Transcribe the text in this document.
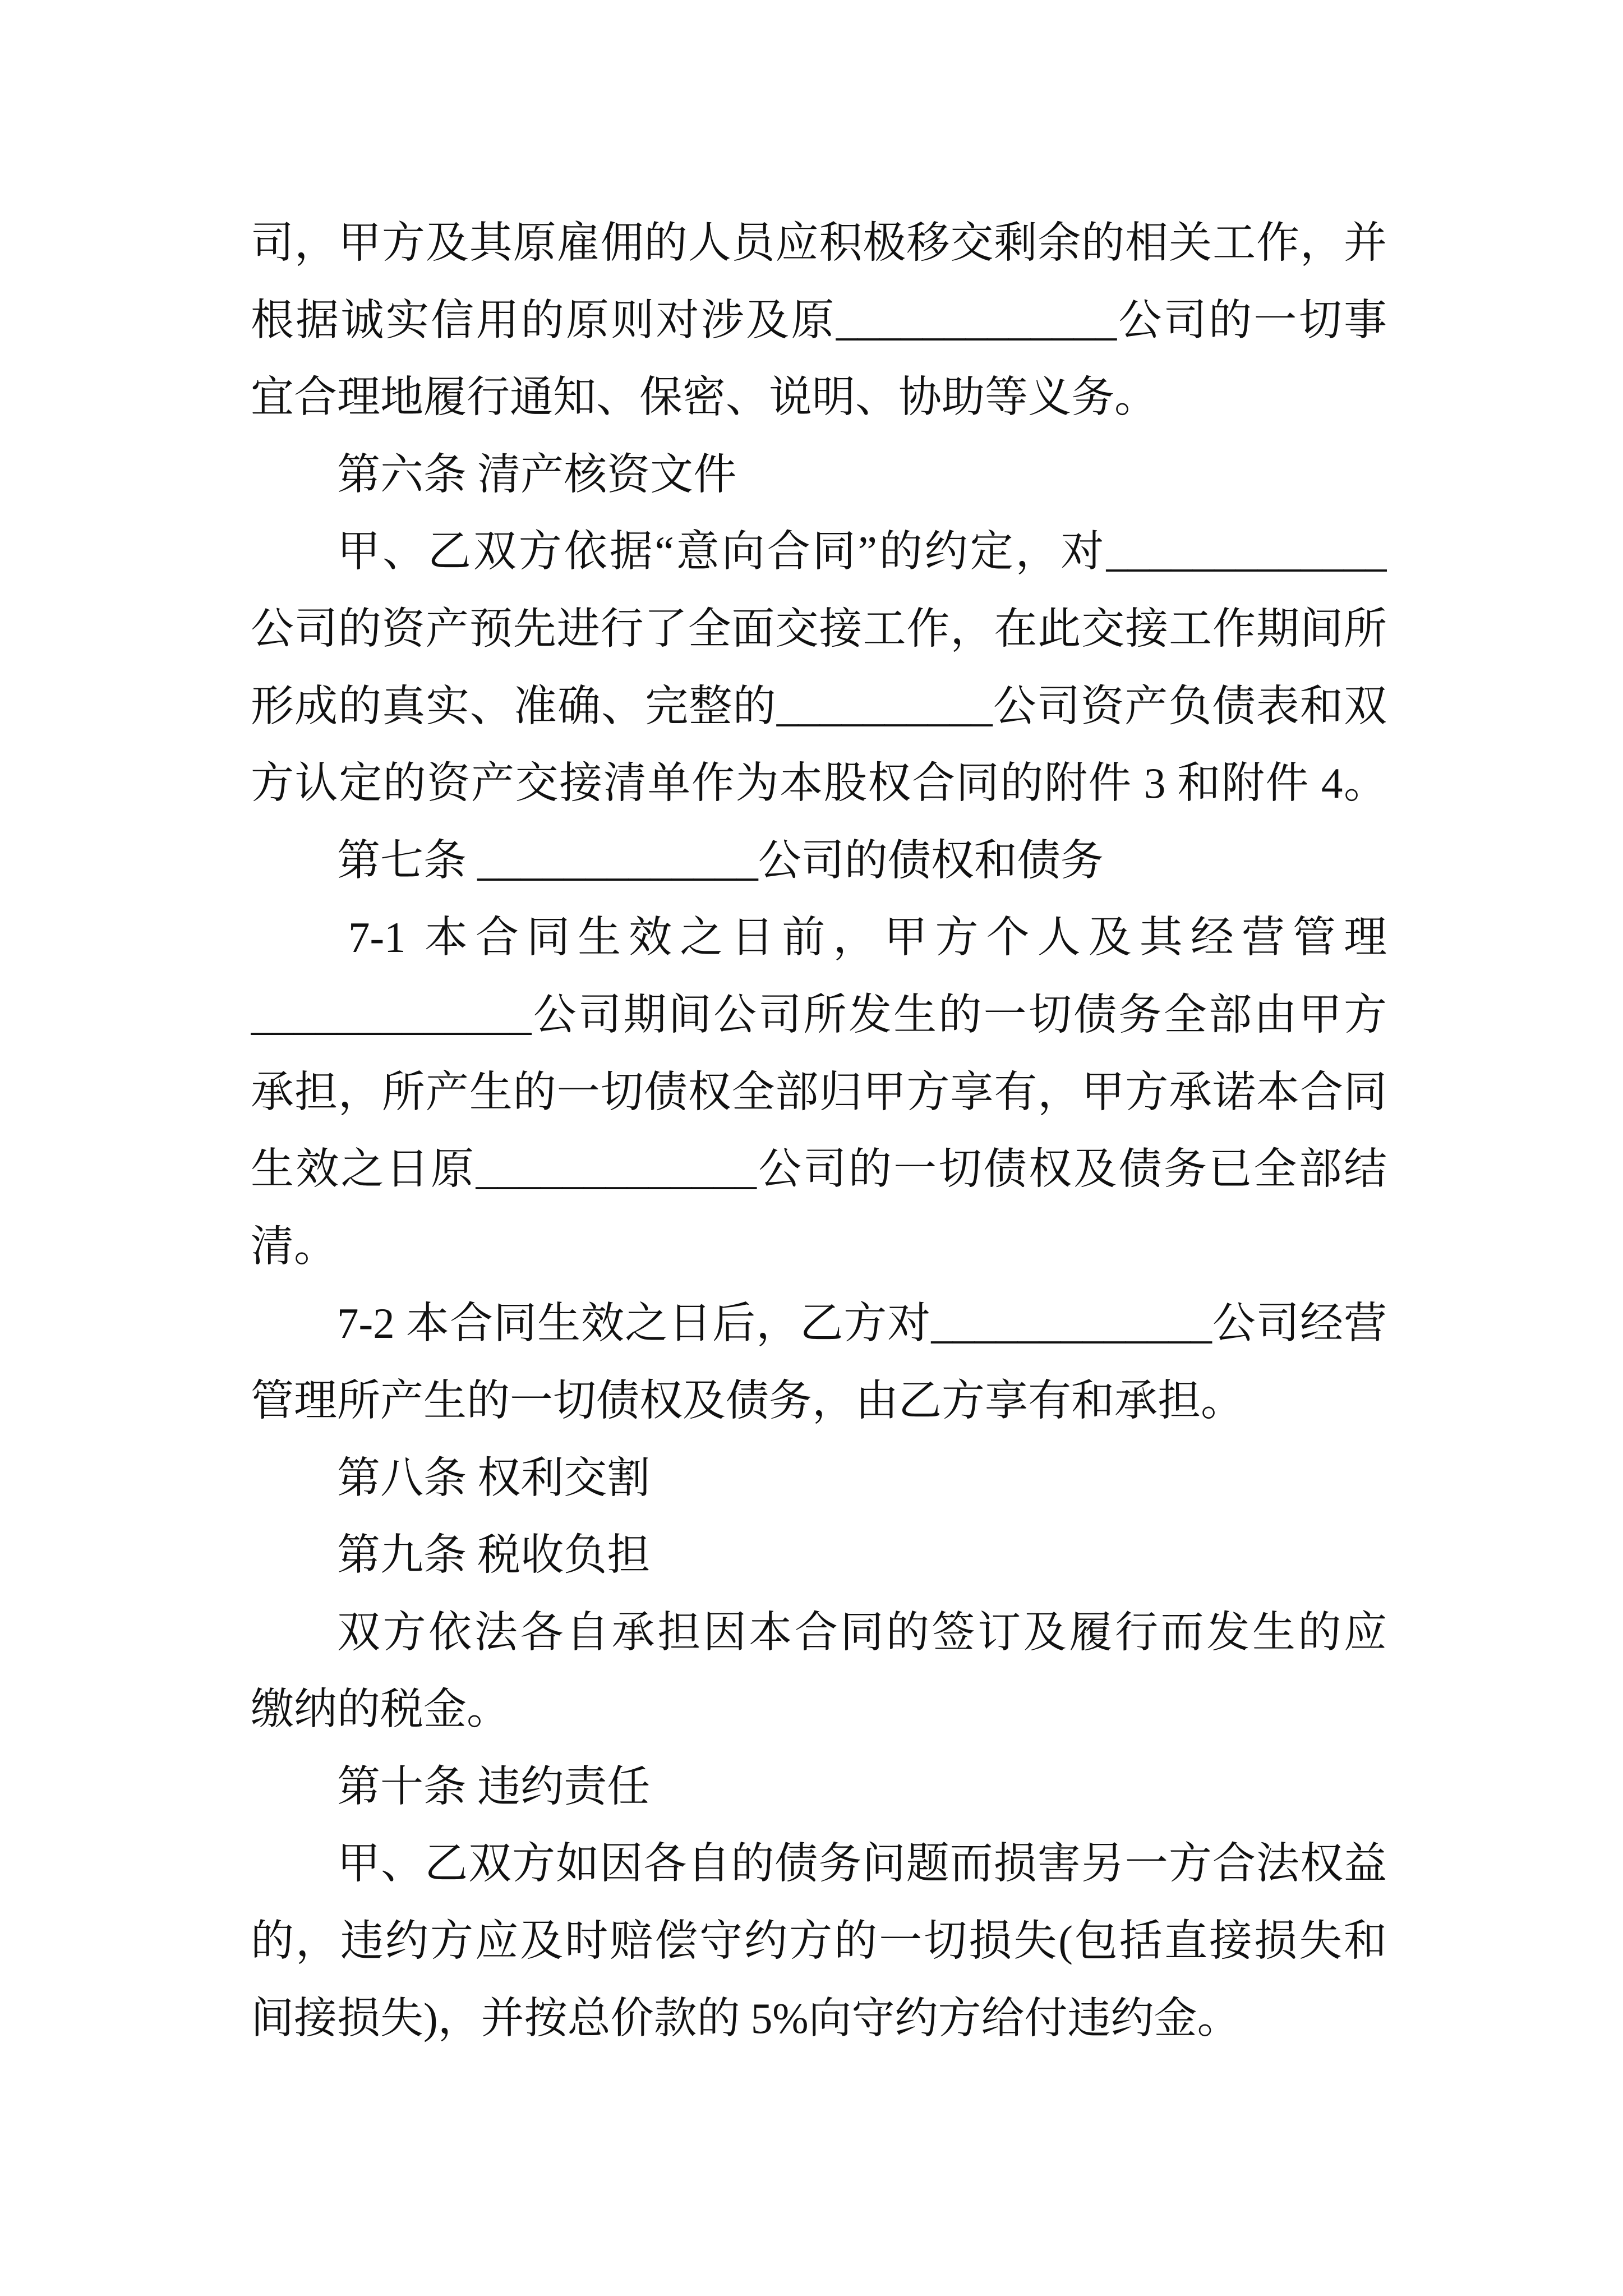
司，甲方及其原雇佣的人员应积极移交剩余的相关工作，并
根据诚实信用的原则对涉及原_____________公司的一切事
宜合理地履行通知、保密、说明、协助等义务。
第六条 清产核资文件
甲、乙双方依据“意向合同”的约定，对_____________
公司的资产预先进行了全面交接工作，在此交接工作期间所
形成的真实、准确、完整的__________公司资产负债表和双
方认定的资产交接清单作为本股权合同的附件 3 和附件 4。
第七条 _____________公司的债权和债务
7-1 本合同生效之日前，甲方个人及其经营管理
_____________公司期间公司所发生的一切债务全部由甲方
承担，所产生的一切债权全部归甲方享有，甲方承诺本合同
生效之日原_____________公司的一切债权及债务已全部结
清。
7-2 本合同生效之日后，乙方对_____________公司经营
管理所产生的一切债权及债务，由乙方享有和承担。
第八条 权利交割
第九条 税收负担
双方依法各自承担因本合同的签订及履行而发生的应
缴纳的税金。
第十条 违约责任
甲、乙双方如因各自的债务问题而损害另一方合法权益
的，违约方应及时赔偿守约方的一切损失(包括直接损失和
间接损失)，并按总价款的 5%向守约方给付违约金。
